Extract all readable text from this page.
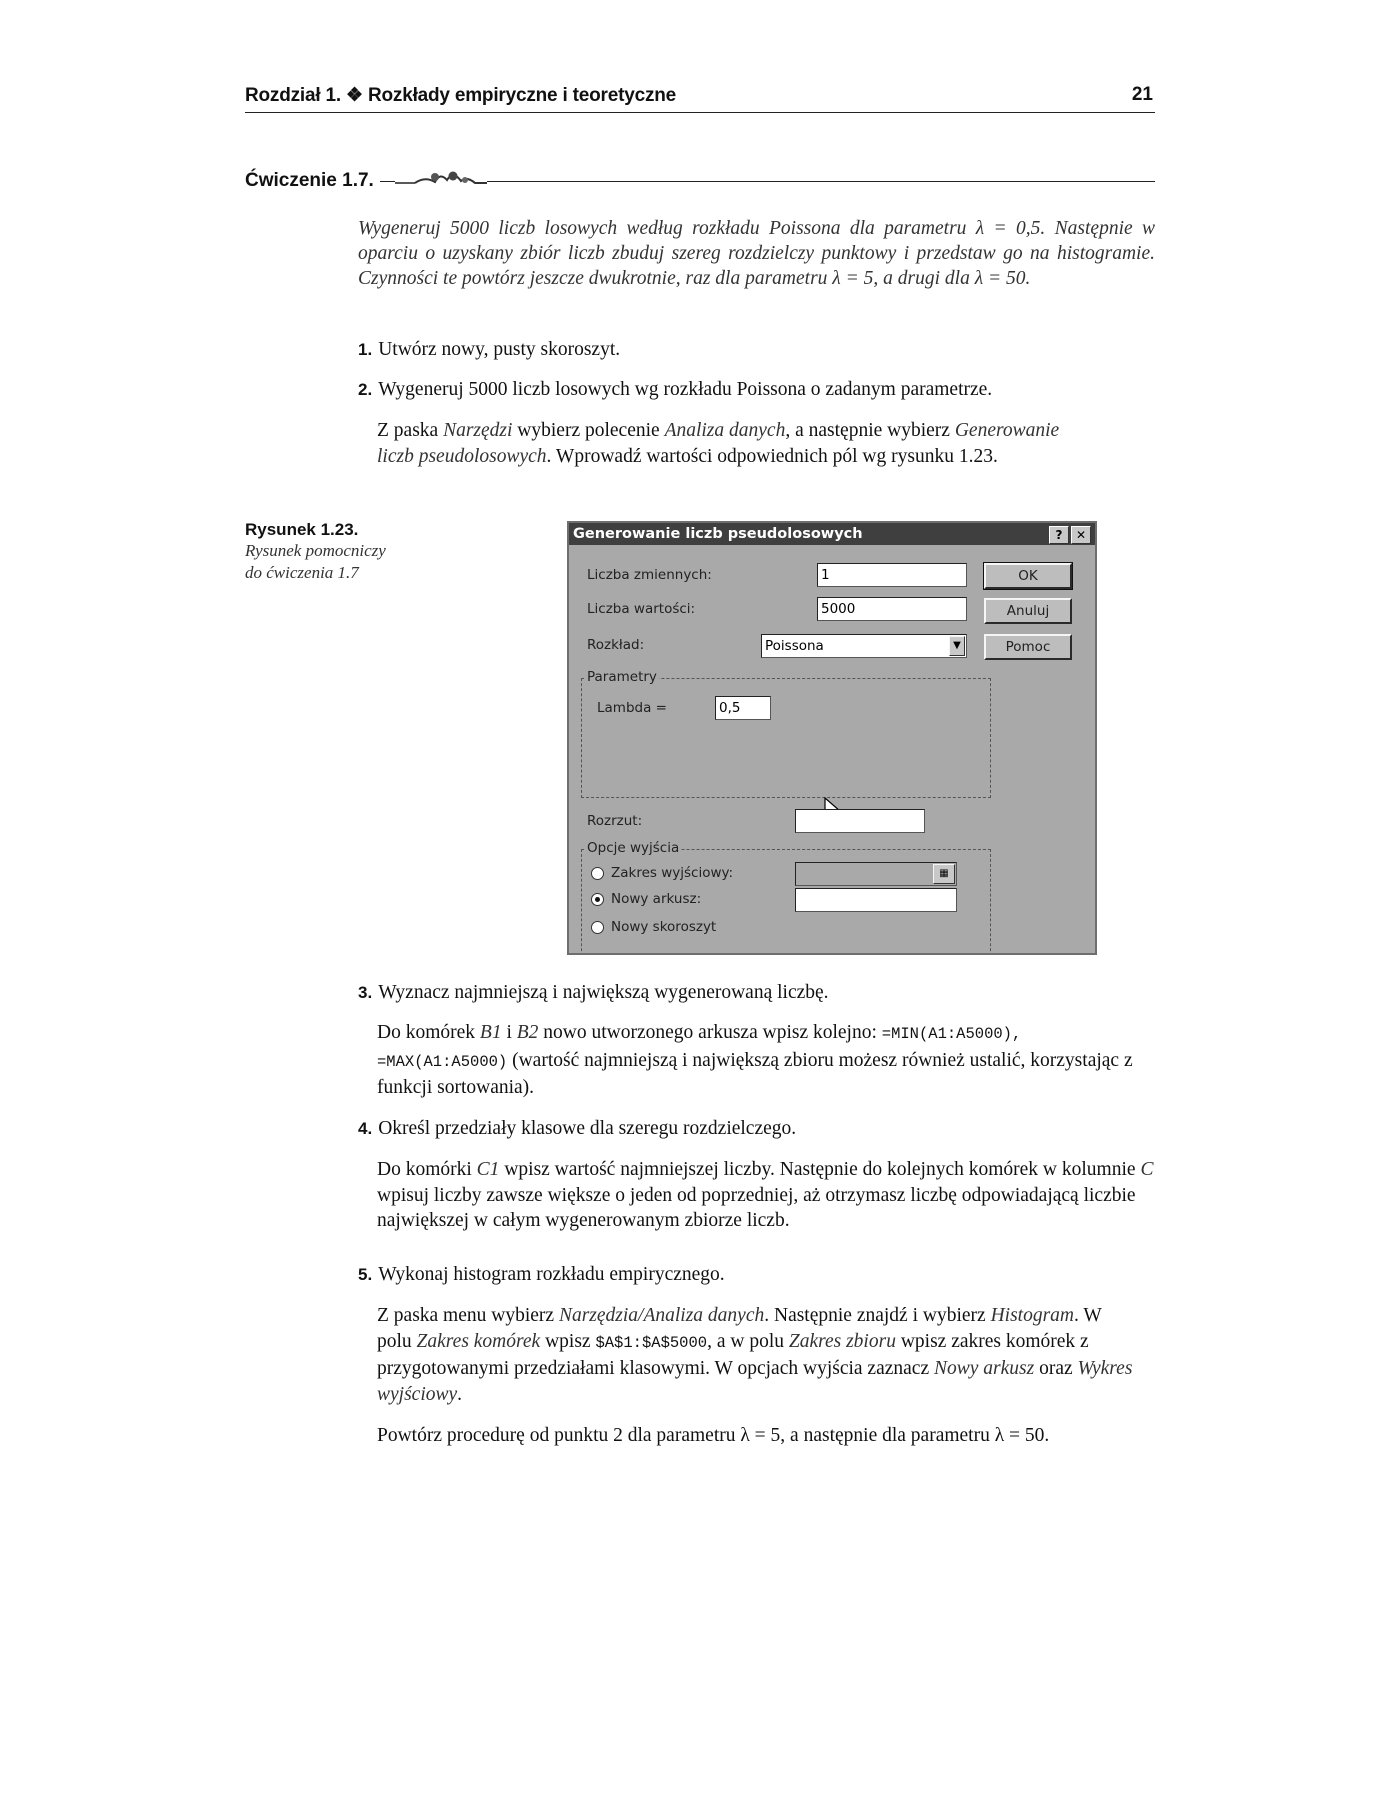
Rozdział 1. ❖ Rozkłady empiryczne i teoretyczne	21
Ćwiczenie 1.7.
Wygeneruj 5000 liczb losowych według rozkładu Poissona dla parametru λ = 0,5. Następnie w oparciu o uzyskany zbiór liczb zbuduj szereg rozdzielczy punktowy i przedstaw go na histogramie. Czynności te powtórz jeszcze dwukrotnie, raz dla parametru λ = 5, a drugi dla λ = 50.
1. Utwórz nowy, pusty skoroszyt.
2. Wygeneruj 5000 liczb losowych wg rozkładu Poissona o zadanym parametrze.
Z paska Narzędzi wybierz polecenie Analiza danych, a następnie wybierz Generowanie liczb pseudolosowych. Wprowadź wartości odpowiednich pól wg rysunku 1.23.
Rysunek 1.23.
Rysunek pomocniczy
do ćwiczenia 1.7
Generowanie liczb pseudolosowych	?	✕
Liczba zmiennych:	1
Liczba wartości:	5000
Rozkład:	Poissona	▼
OK
Anuluj
Pomoc
Parametry
Lambda =	0,5
Rozrzut:
Opcje wyjścia
Zakres wyjściowy:	▦
Nowy arkusz:
Nowy skoroszyt
3. Wyznacz najmniejszą i największą wygenerowaną liczbę.
Do komórek B1 i B2 nowo utworzonego arkusza wpisz kolejno: =MIN(A1:A5000),
=MAX(A1:A5000) (wartość najmniejszą i największą zbioru możesz również ustalić, korzystając z funkcji sortowania).
4. Określ przedziały klasowe dla szeregu rozdzielczego.
Do komórki C1 wpisz wartość najmniejszej liczby. Następnie do kolejnych komórek w kolumnie C wpisuj liczby zawsze większe o jeden od poprzedniej, aż otrzymasz liczbę odpowiadającą liczbie największej w całym wygenerowanym zbiorze liczb.
5. Wykonaj histogram rozkładu empirycznego.
Z paska menu wybierz Narzędzia/Analiza danych. Następnie znajdź i wybierz Histogram. W polu Zakres komórek wpisz $A$1:$A$5000, a w polu Zakres zbioru wpisz zakres komórek z przygotowanymi przedziałami klasowymi. W opcjach wyjścia zaznacz Nowy arkusz oraz Wykres wyjściowy.
Powtórz procedurę od punktu 2 dla parametru λ = 5, a następnie dla parametru λ = 50.
